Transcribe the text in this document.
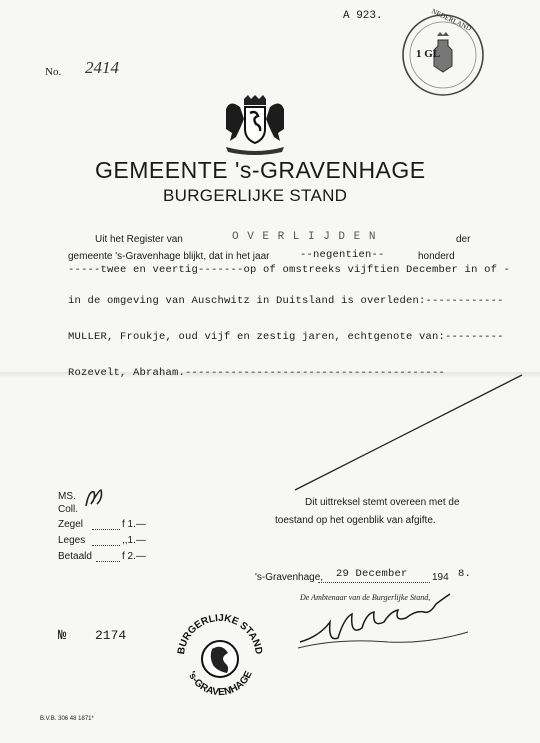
A 923.
No. 2414
NEDERLAND
1 GL
GEMEENTE 's-GRAVENHAGE
BURGERLIJKE STAND
Uit het Register van	O V E R L I J D E N	der
gemeente 's-Gravenhage blijkt, dat in het jaar	--negentien--	honderd
-----twee en veertig-------op of omstreeks vijftien December in of -
in de omgeving van Auschwitz in Duitsland is overleden:------------
MULLER, Froukje, oud vijf en zestig jaren, echtgenote van:---------
Rozevelt, Abraham.----------------------------------------
MS.
Coll.
Zegel	f 1.—
Leges	,,1.—
Betaald	f 2.—
Dit uittreksel stemt overeen met de
toestand op het ogenblik van afgifte.
's-Gravenhage, 29 December 194 8.
De Ambtenaar van de Burgerlijke Stand,
№ 2174
BURGERLIJKE STAND
's-GRAVENHAGE
B.V.B. 306 48 1871*
